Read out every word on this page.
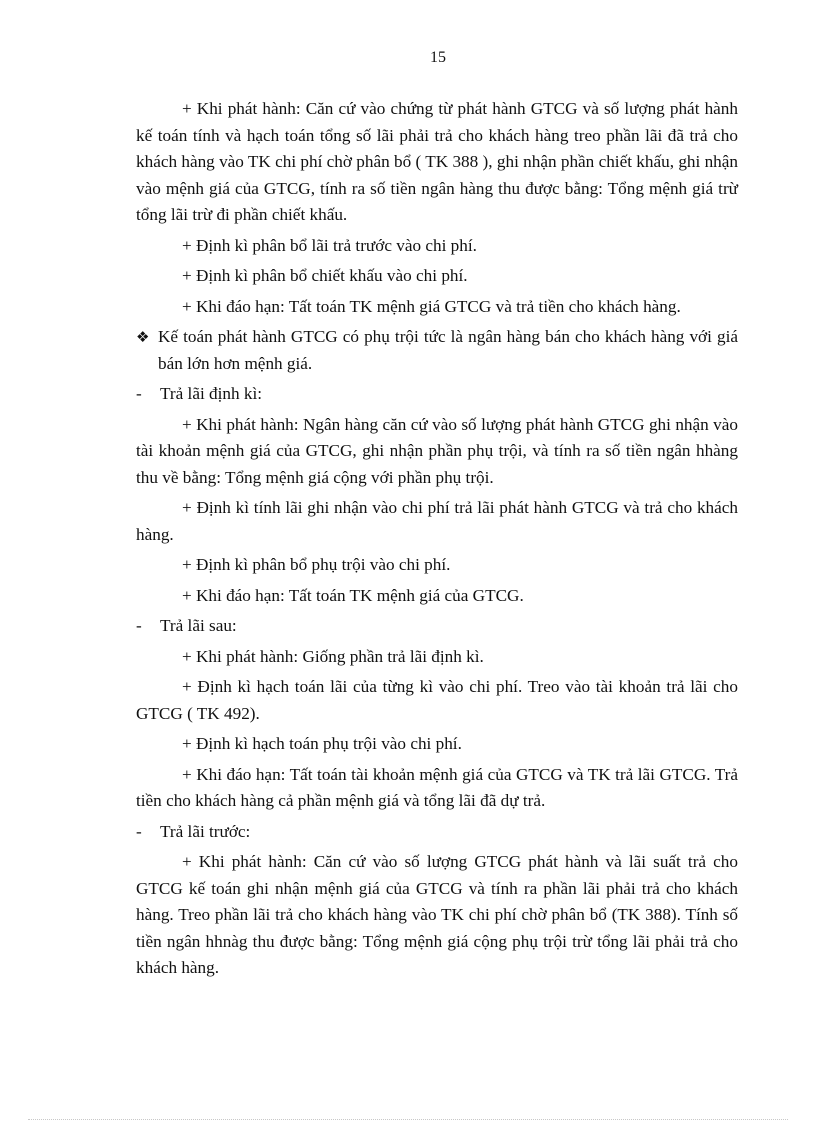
15

+ Khi phát hành: Căn cứ vào chứng từ phát hành GTCG và số lượng phát hành kế toán tính và hạch toán tổng số lãi phải trả cho khách hàng treo phần lãi đã trả cho khách hàng vào TK chi phí chờ phân bổ ( TK 388 ), ghi nhận phần chiết khấu, ghi nhận vào mệnh giá của GTCG, tính ra số tiền ngân hàng thu được bằng: Tổng mệnh giá trừ tổng lãi trừ đi phần chiết khấu.

+ Định kì phân bổ lãi trả trước vào chi phí.

+ Định kì phân bổ chiết khấu vào chi phí.

+ Khi đáo hạn: Tất toán TK mệnh giá GTCG và trả tiền cho khách hàng.

❖ Kế toán phát hành GTCG có phụ trội tức là ngân hàng bán cho khách hàng với giá bán lớn hơn mệnh giá.
-	Trả lãi định kì:

+ Khi phát hành: Ngân hàng căn cứ vào số lượng phát hành GTCG ghi nhận vào tài khoản mệnh giá của GTCG, ghi nhận phần phụ trội, và tính ra số tiền ngân hhàng thu về bằng: Tổng mệnh giá cộng với phần phụ trội.

+ Định kì tính lãi ghi nhận vào chi phí trả lãi phát hành GTCG và trả cho khách hàng.

+ Định kì phân bổ phụ trội vào chi phí.

+ Khi đáo hạn: Tất toán TK mệnh giá của GTCG.

-	Trả lãi sau:

+ Khi phát hành: Giống phần trả lãi định kì.

+ Định kì hạch toán lãi của từng kì vào chi phí. Treo vào tài khoản trả lãi cho GTCG ( TK 492).

+ Định kì hạch toán phụ trội vào chi phí.

+ Khi đáo hạn: Tất toán tài khoản mệnh giá của GTCG và TK trả lãi GTCG. Trả tiền cho khách hàng cả phần mệnh giá và tổng lãi đã dự trả.

-	Trả lãi trước:

+ Khi phát hành: Căn cứ vào số lượng GTCG phát hành và lãi suất trả cho GTCG kế toán ghi nhận mệnh giá của GTCG và tính ra phần lãi phải trả cho khách hàng. Treo phần lãi trả cho khách hàng vào TK chi phí chờ phân bổ (TK 388). Tính số tiền ngân hhnàg thu được bằng: Tổng mệnh giá cộng phụ trội trừ tổng lãi phải trả cho khách hàng.
